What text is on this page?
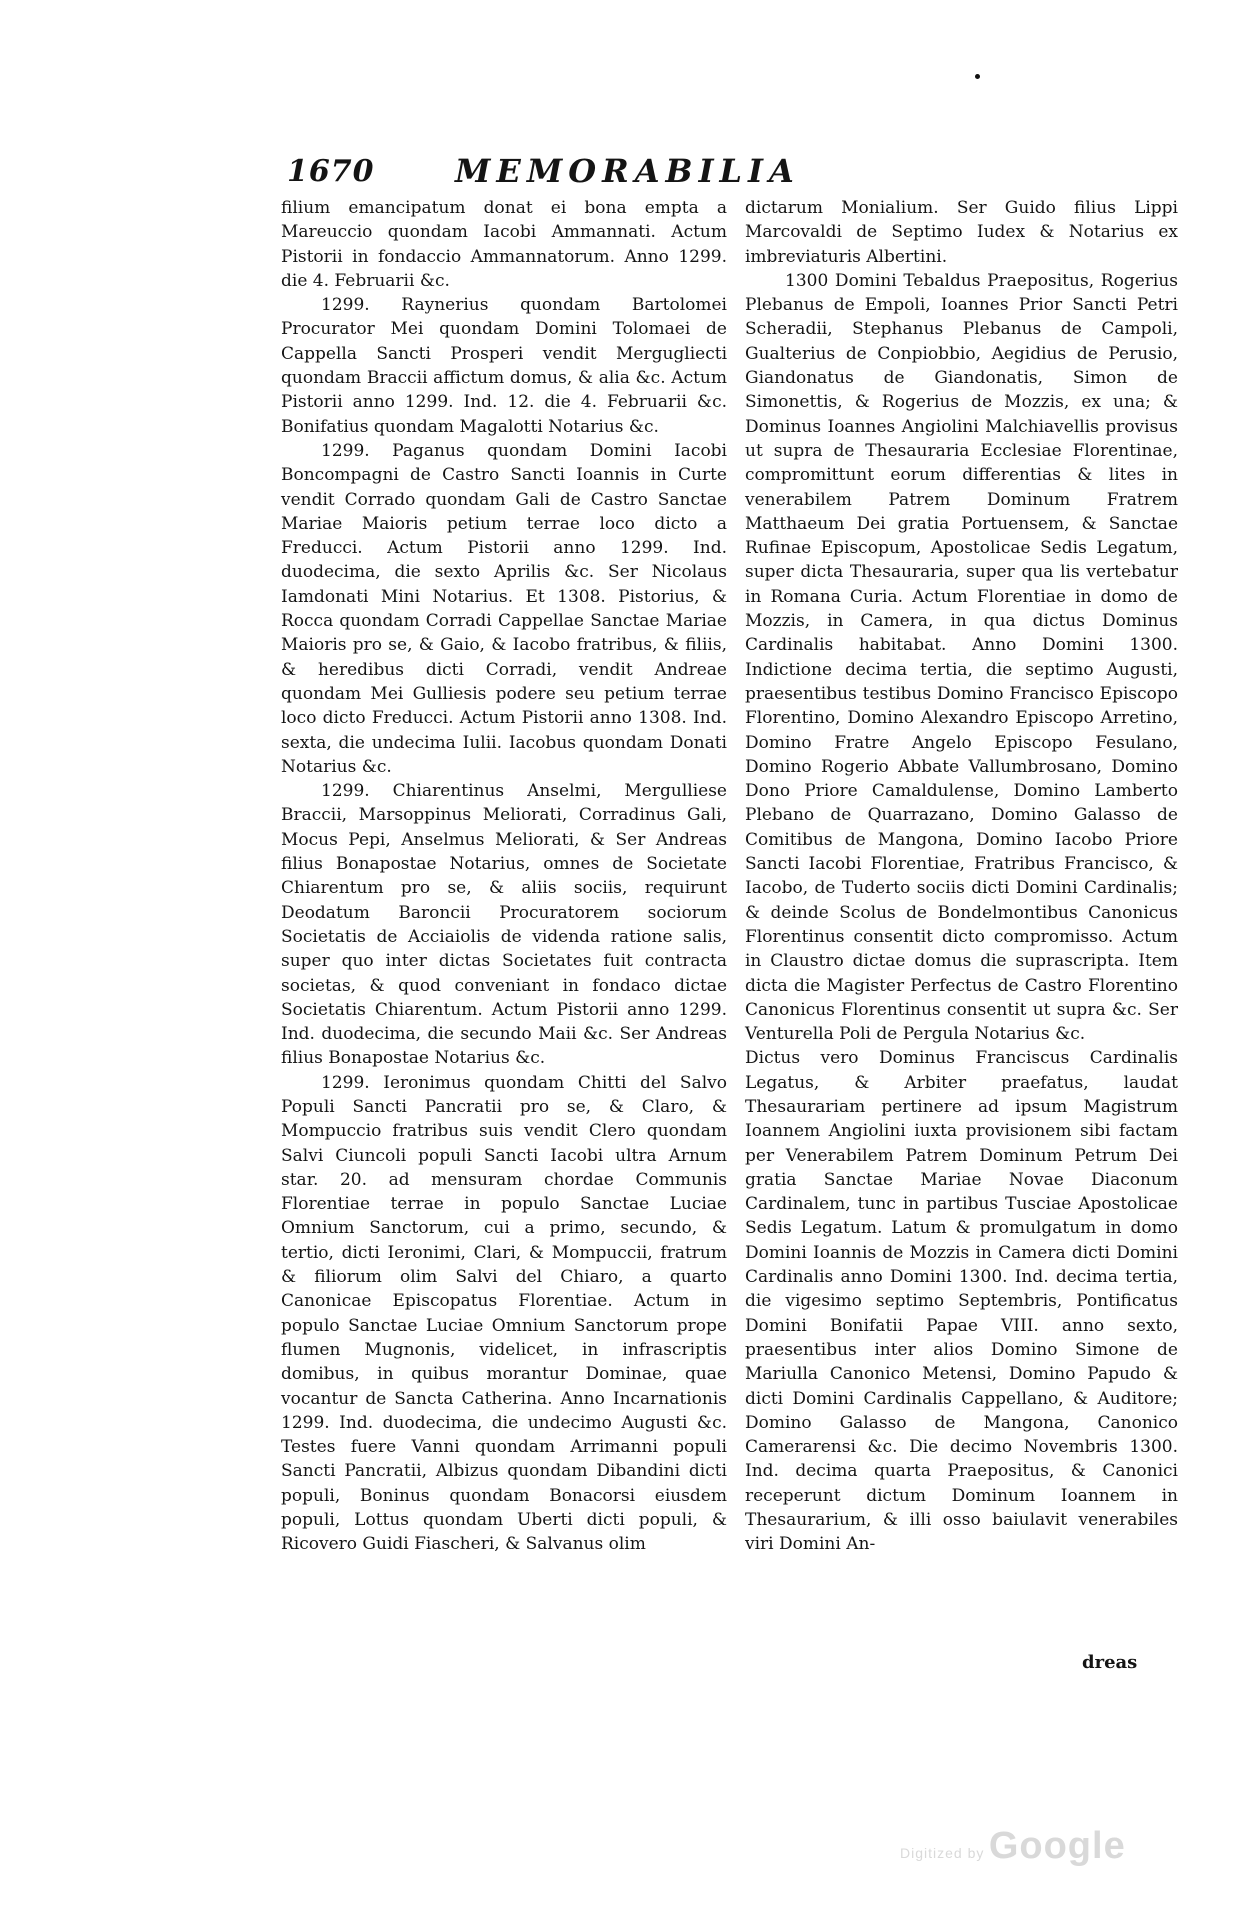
1670	MEMORABILIA

filium emancipatum donat ei bona empta a Mareuccio quondam Iacobi Ammannati. Actum Pistorii in fondaccio Ammannatorum. Anno 1299. die 4. Februarii &c.

1299. Raynerius quondam Bartolomei Procurator Mei quondam Domini Tolomaei de Cappella Sancti Prosperi vendit Mergugliecti quondam Braccii affictum domus, & alia &c. Actum Pistorii anno 1299. Ind. 12. die 4. Februarii &c. Bonifatius quondam Magalotti Notarius &c.

1299. Paganus quondam Domini Iacobi Boncompagni de Castro Sancti Ioannis in Curte vendit Corrado quondam Gali de Castro Sanctae Mariae Maioris petium terrae loco dicto a Freducci. Actum Pistorii anno 1299. Ind. duodecima, die sexto Aprilis &c. Ser Nicolaus Iamdonati Mini Notarius. Et 1308. Pistorius, & Rocca quondam Corradi Cappellae Sanctae Mariae Maioris pro se, & Gaio, & Iacobo fratribus, & filiis, & heredibus dicti Corradi, vendit Andreae quondam Mei Gulliesis podere seu petium terrae loco dicto Freducci. Actum Pistorii anno 1308. Ind. sexta, die undecima Iulii. Iacobus quondam Donati Notarius &c.

1299. Chiarentinus Anselmi, Mergulliese Braccii, Marsoppinus Meliorati, Corradinus Gali, Mocus Pepi, Anselmus Meliorati, & Ser Andreas filius Bonapostae Notarius, omnes de Societate Chiarentum pro se, & aliis sociis, requirunt Deodatum Baroncii Procuratorem sociorum Societatis de Acciaiolis de videnda ratione salis, super quo inter dictas Societates fuit contracta societas, & quod conveniant in fondaco dictae Societatis Chiarentum. Actum Pistorii anno 1299. Ind. duodecima, die secundo Maii &c. Ser Andreas filius Bonapostae Notarius &c.

1299. Ieronimus quondam Chitti del Salvo Populi Sancti Pancratii pro se, & Claro, & Mompuccio fratribus suis vendit Clero quondam Salvi Ciuncoli populi Sancti Iacobi ultra Arnum star. 20. ad mensuram chordae Communis Florentiae terrae in populo Sanctae Luciae Omnium Sanctorum, cui a primo, secundo, & tertio, dicti Ieronimi, Clari, & Mompuccii, fratrum & filiorum olim Salvi del Chiaro, a quarto Canonicae Episcopatus Florentiae. Actum in populo Sanctae Luciae Omnium Sanctorum prope flumen Mugnonis, videlicet, in infrascriptis domibus, in quibus morantur Dominae, quae vocantur de Sancta Catherina. Anno Incarnationis 1299. Ind. duodecima, die undecimo Augusti &c. Testes fuere Vanni quondam Arrimanni populi Sancti Pancratii, Albizus quondam Dibandini dicti populi, Boninus quondam Bonacorsi eiusdem populi, Lottus quondam Uberti dicti populi, & Ricovero Guidi Fiascheri, & Salvanus olim

dictarum Monialium. Ser Guido filius Lippi Marcovaldi de Septimo Iudex & Notarius ex imbreviaturis Albertini.

1300 Domini Tebaldus Praepositus, Rogerius Plebanus de Empoli, Ioannes Prior Sancti Petri Scheradii, Stephanus Plebanus de Campoli, Gualterius de Conpiobbio, Aegidius de Perusio, Giandonatus de Giandonatis, Simon de Simonettis, & Rogerius de Mozzis, ex una; & Dominus Ioannes Angiolini Malchiavellis provisus ut supra de Thesauraria Ecclesiae Florentinae, compromittunt eorum differentias & lites in venerabilem Patrem Dominum Fratrem Matthaeum Dei gratia Portuensem, & Sanctae Rufinae Episcopum, Apostolicae Sedis Legatum, super dicta Thesauraria, super qua lis vertebatur in Romana Curia. Actum Florentiae in domo de Mozzis, in Camera, in qua dictus Dominus Cardinalis habitabat. Anno Domini 1300. Indictione decima tertia, die septimo Augusti, praesentibus testibus Domino Francisco Episcopo Florentino, Domino Alexandro Episcopo Arretino, Domino Fratre Angelo Episcopo Fesulano, Domino Rogerio Abbate Vallumbrosano, Domino Dono Priore Camaldulense, Domino Lamberto Plebano de Quarrazano, Domino Galasso de Comitibus de Mangona, Domino Iacobo Priore Sancti Iacobi Florentiae, Fratribus Francisco, & Iacobo, de Tuderto sociis dicti Domini Cardinalis; & deinde Scolus de Bondelmontibus Canonicus Florentinus consentit dicto compromisso. Actum in Claustro dictae domus die suprascripta. Item dicta die Magister Perfectus de Castro Florentino Canonicus Florentinus consentit ut supra &c. Ser Venturella Poli de Pergula Notarius &c.

Dictus vero Dominus Franciscus Cardinalis Legatus, & Arbiter praefatus, laudat Thesaurariam pertinere ad ipsum Magistrum Ioannem Angiolini iuxta provisionem sibi factam per Venerabilem Patrem Dominum Petrum Dei gratia Sanctae Mariae Novae Diaconum Cardinalem, tunc in partibus Tusciae Apostolicae Sedis Legatum. Latum & promulgatum in domo Domini Ioannis de Mozzis in Camera dicti Domini Cardinalis anno Domini 1300. Ind. decima tertia, die vigesimo septimo Septembris, Pontificatus Domini Bonifatii Papae VIII. anno sexto, praesentibus inter alios Domino Simone de Mariulla Canonico Metensi, Domino Papudo & dicti Domini Cardinalis Cappellano, & Auditore; Domino Galasso de Mangona, Canonico Camerarensi &c. Die decimo Novembris 1300. Ind. decima quarta Praepositus, & Canonici receperunt dictum Dominum Ioannem in Thesaurarium, & illi osso baiulavit venerabiles viri Domini An-

dreas
Digitized by Google
